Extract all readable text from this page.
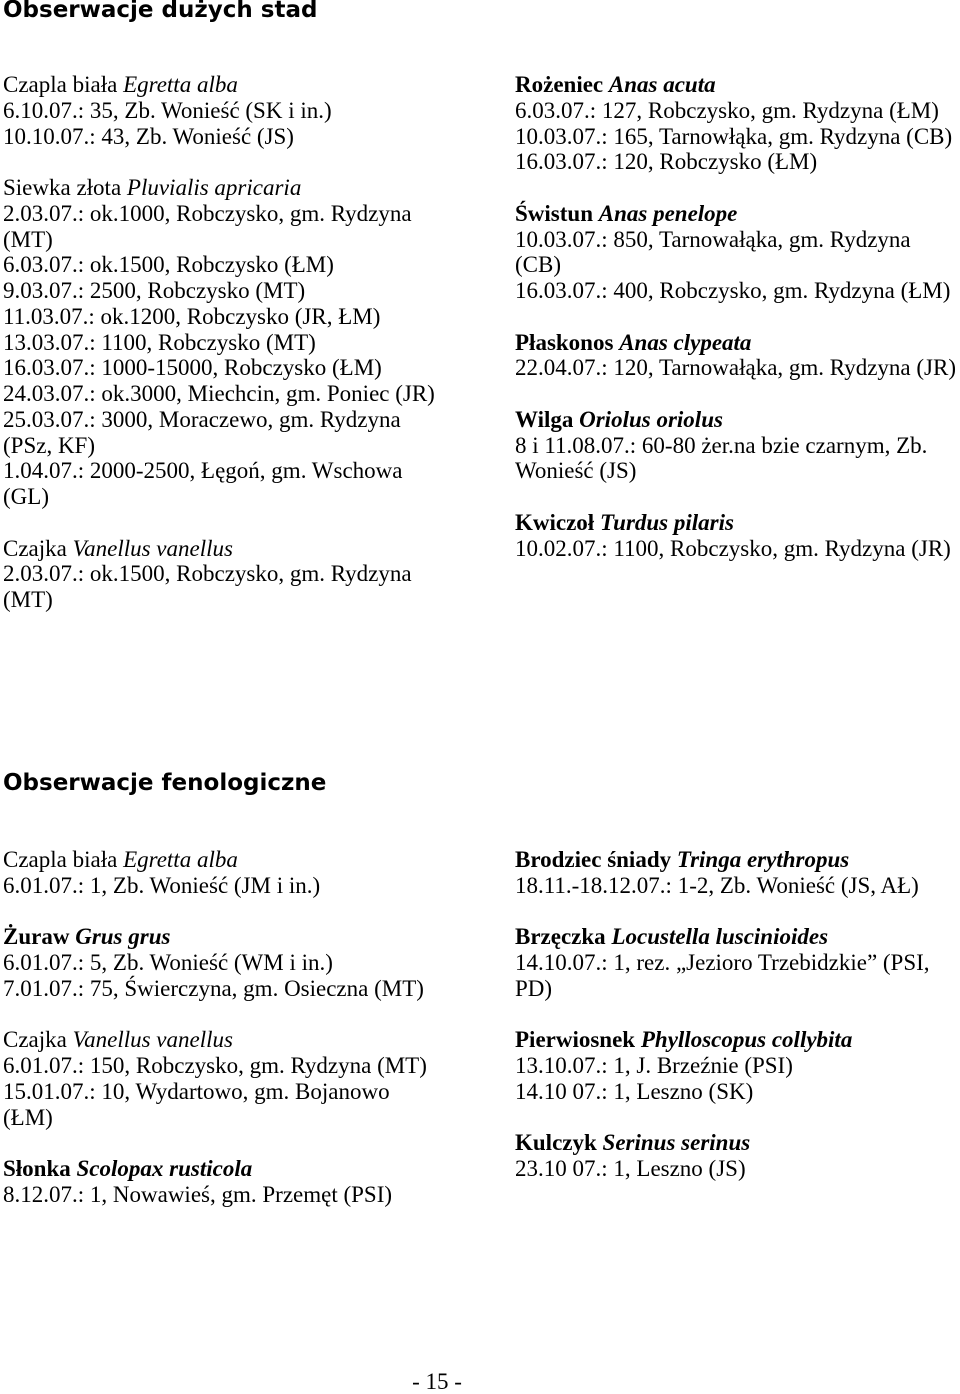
Obserwacje dużych stad
Czapla biała Egretta alba
6.10.07.: 35, Zb. Wonieść (SK i in.)
10.10.07.: 43, Zb. Wonieść (JS)
Siewka złota Pluvialis apricaria
2.03.07.: ok.1000, Robczysko, gm. Rydzyna (MT)
6.03.07.: ok.1500, Robczysko (ŁM)
9.03.07.: 2500, Robczysko (MT)
11.03.07.: ok.1200, Robczysko (JR, ŁM)
13.03.07.: 1100, Robczysko (MT)
16.03.07.: 1000-15000, Robczysko (ŁM)
24.03.07.: ok.3000, Miechcin, gm. Poniec (JR)
25.03.07.: 3000, Moraczewo, gm. Rydzyna (PSz, KF)
1.04.07.: 2000-2500, Łęgoń, gm. Wschowa (GL)
Czajka Vanellus vanellus
2.03.07.: ok.1500, Robczysko, gm. Rydzyna (MT)
Rożeniec Anas acuta
6.03.07.: 127, Robczysko, gm. Rydzyna (ŁM)
10.03.07.: 165, Tarnowłąka, gm. Rydzyna (CB)
16.03.07.: 120, Robczysko (ŁM)
Świstun Anas penelope
10.03.07.: 850, Tarnowałąka, gm. Rydzyna (CB)
16.03.07.: 400, Robczysko, gm. Rydzyna (ŁM)
Płaskonos Anas clypeata
22.04.07.: 120, Tarnowałąka, gm. Rydzyna (JR)
Wilga Oriolus oriolus
8 i 11.08.07.: 60-80 żer.na bzie czarnym, Zb. Wonieść (JS)
Kwiczoł Turdus pilaris
10.02.07.: 1100, Robczysko, gm. Rydzyna (JR)
Obserwacje fenologiczne
Czapla biała Egretta alba
6.01.07.: 1, Zb. Wonieść (JM i in.)
Żuraw Grus grus
6.01.07.: 5, Zb. Wonieść (WM i in.)
7.01.07.: 75, Świerczyna, gm. Osieczna (MT)
Czajka Vanellus vanellus
6.01.07.: 150, Robczysko, gm. Rydzyna (MT)
15.01.07.: 10, Wydartowo, gm. Bojanowo (ŁM)
Słonka Scolopax rusticola
8.12.07.: 1, Nowawieś, gm. Przemęt (PSI)
Brodziec śniady Tringa erythropus
18.11.-18.12.07.: 1-2, Zb. Wonieść (JS, AŁ)
Brzęczka Locustella luscinioides
14.10.07.: 1, rez. „Jezioro Trzebidzkie” (PSI, PD)
Pierwiosnek Phylloscopus collybita
13.10.07.: 1, J. Brzeźnie (PSI)
14.10 07.: 1, Leszno (SK)
Kulczyk Serinus serinus
23.10 07.: 1, Leszno (JS)
- 15 -
